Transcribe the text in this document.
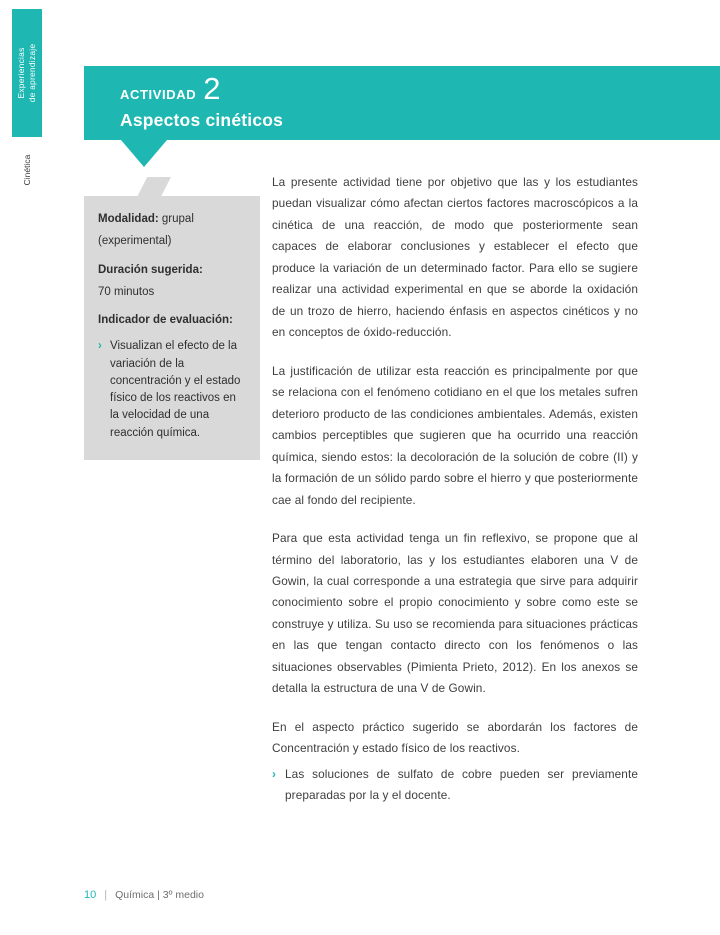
Experiencias de aprendizaje
Cinética
ACTIVIDAD 2
Aspectos cinéticos

Modalidad: grupal

(experimental)

Duración sugerida:

70 minutos

Indicador de evaluación:

› Visualizan el efecto de la variación de la concentración y el estado físico de los reactivos en la velocidad de una reacción química.

La presente actividad tiene por objetivo que las y los estudiantes puedan visualizar cómo afectan ciertos factores macroscópicos a la cinética de una reacción, de modo que posteriormente sean capaces de elaborar conclusiones y establecer el efecto que produce la variación de un determinado factor. Para ello se sugiere realizar una actividad experimental en que se aborde la oxidación de un trozo de hierro, haciendo énfasis en aspectos cinéticos y no en conceptos de óxido-reducción.

La justificación de utilizar esta reacción es principalmente por que se relaciona con el fenómeno cotidiano en el que los metales sufren deterioro producto de las condiciones ambientales. Además, existen cambios perceptibles que sugieren que ha ocurrido una reacción química, siendo estos: la decoloración de la solución de cobre (II) y la formación de un sólido pardo sobre el hierro y que posteriormente cae al fondo del recipiente.

Para que esta actividad tenga un fin reflexivo, se propone que al término del laboratorio, las y los estudiantes elaboren una V de Gowin, la cual corresponde a una estrategia que sirve para adquirir conocimiento sobre el propio conocimiento y sobre como este se construye y utiliza. Su uso se recomienda para situaciones prácticas en las que tengan contacto directo con los fenómenos o las situaciones observables (Pimienta Prieto, 2012). En los anexos se detalla la estructura de una V de Gowin.

En el aspecto práctico sugerido se abordarán los factores de Concentración y estado físico de los reactivos.

› Las soluciones de sulfato de cobre pueden ser previamente preparadas por la y el docente.
10 | Química | 3º medio
